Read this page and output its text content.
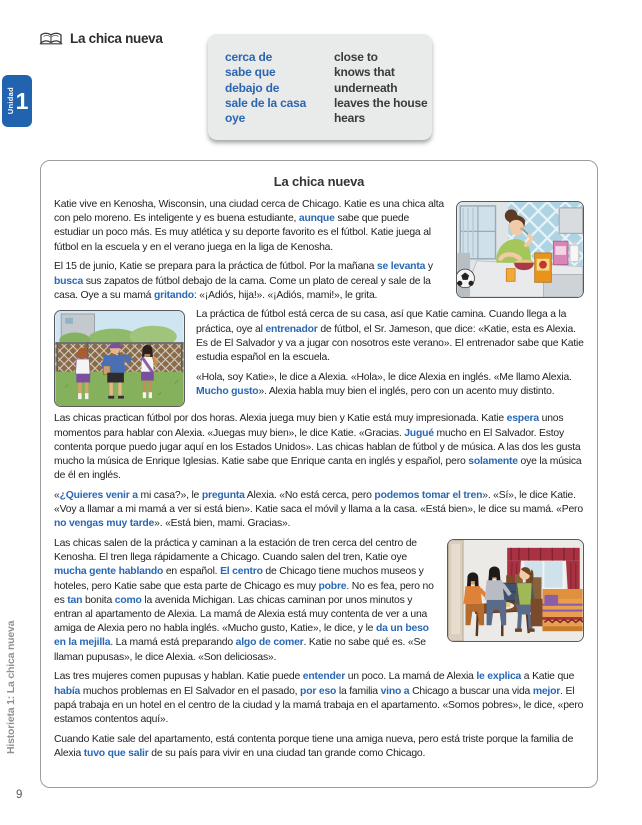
Unidad 1
La chica nueva
cerca de	close to
sabe que	knows that
debajo de	underneath
sale de la casa	leaves the house
oye	hears
La chica nueva

Katie vive en Kenosha, Wisconsin, una ciudad cerca de Chicago. Katie es una chica alta con pelo moreno. Es inteligente y es buena estudiante, aunque sabe que puede estudiar un poco más. Es muy atlética y su deporte favorito es el fútbol. Katie juega al fútbol en la escuela y en el verano juega en la liga de Kenosha.

El 15 de junio, Katie se prepara para la práctica de fútbol. Por la mañana se levanta y busca sus zapatos de fútbol debajo de la cama. Come un plato de cereal y sale de la casa. Oye a su mamá gritando: «¡Adiós, hija!». «¡Adiós, mami!», le grita.

La práctica de fútbol está cerca de su casa, así que Katie camina. Cuando llega a la práctica, oye al entrenador de fútbol, el Sr. Jameson, que dice: «Katie, esta es Alexia. Es de El Salvador y va a jugar con nosotros este verano». El entrenador sabe que Katie estudia español en la escuela.

«Hola, soy Katie», le dice a Alexia. «Hola», le dice Alexia en inglés. «Me llamo Alexia. Mucho gusto». Alexia habla muy bien el inglés, pero con un acento muy distinto.

Las chicas practican fútbol por dos horas. Alexia juega muy bien y Katie está muy impresionada. Katie espera unos momentos para hablar con Alexia. «Juegas muy bien», le dice Katie. «Gracias. Jugué mucho en El Salvador. Estoy contenta porque puedo jugar aquí en los Estados Unidos». Las chicas hablan de fútbol y de música. A las dos les gusta mucho la música de Enrique Iglesias. Katie sabe que Enrique canta en inglés y español, pero solamente oye la música de él en inglés.

«¿Quieres venir a mi casa?», le pregunta Alexia. «No está cerca, pero podemos tomar el tren». «Sí», le dice Katie. «Voy a llamar a mi mamá a ver si está bien». Katie saca el móvil y llama a la casa. «Está bien», le dice su mamá. «Pero no vengas muy tarde». «Está bien, mami. Gracias».

Las chicas salen de la práctica y caminan a la estación de tren cerca del centro de Kenosha. El tren llega rápidamente a Chicago. Cuando salen del tren, Katie oye mucha gente hablando en español. El centro de Chicago tiene muchos museos y hoteles, pero Katie sabe que esta parte de Chicago es muy pobre. No es fea, pero no es tan bonita como la avenida Michigan. Las chicas caminan por unos minutos y entran al apartamento de Alexia. La mamá de Alexia está muy contenta de ver a una amiga de Alexia pero no habla inglés. «Mucho gusto, Katie», le dice, y le da un beso en la mejilla. La mamá está preparando algo de comer. Katie no sabe qué es. «Se llaman pupusas», le dice Alexia. «Son deliciosas».

Las tres mujeres comen pupusas y hablan. Katie puede entender un poco. La mamá de Alexia le explica a Katie que había muchos problemas en El Salvador en el pasado, por eso la familia vino a Chicago a buscar una vida mejor. El papá trabaja en un hotel en el centro de la ciudad y la mamá trabaja en el apartamento. «Somos pobres», le dice, «pero estamos contentos aquí».

Cuando Katie sale del apartamento, está contenta porque tiene una amiga nueva, pero está triste porque la familia de Alexia tuvo que salir de su país para vivir en una ciudad tan grande como Chicago.

Historieta 1: La chica nueva
9
